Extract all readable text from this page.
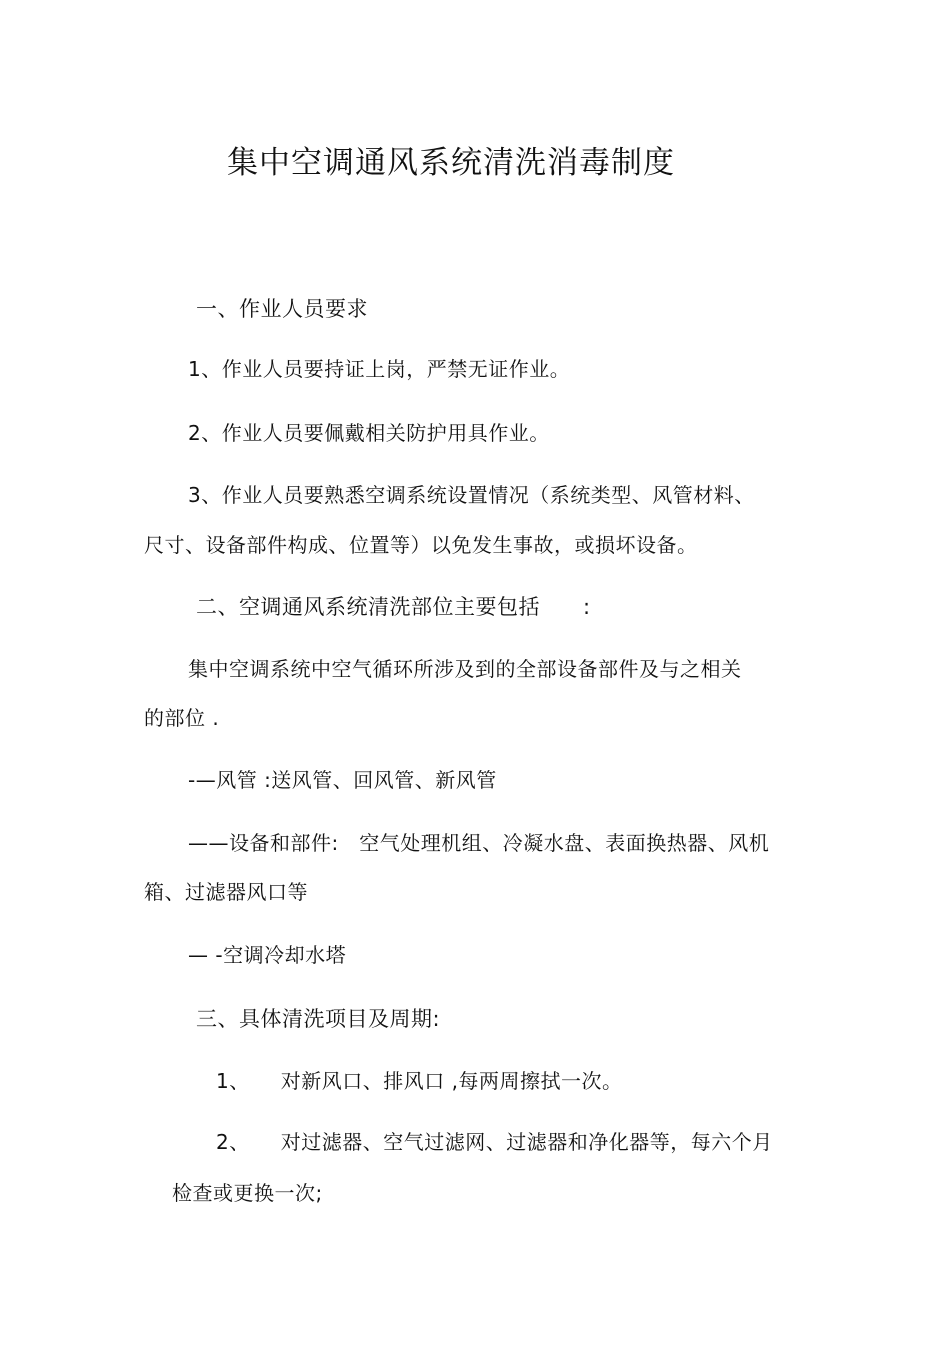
集中空调通风系统清洗消毒制度
一、作业人员要求
1、作业人员要持证上岗，严禁无证作业。
2、作业人员要佩戴相关防护用具作业。
3、作业人员要熟悉空调系统设置情况（系统类型、风管材料、
尺寸、设备部件构成、位置等）以免发生事故，或损坏设备。
二、空调通风系统清洗部位主要包括　　:
集中空调系统中空气循环所涉及到的全部设备部件及与之相关
的部位 .
-—风管 :送风管、回风管、新风管
——设备和部件:　空气处理机组、冷凝水盘、表面换热器、风机
箱、过滤器风口等
— -空调冷却水塔
三、具体清洗项目及周期:
1、　　对新风口、排风口 ,每两周擦拭一次。
2、　　对过滤器、空气过滤网、过滤器和净化器等，每六个月
检查或更换一次;
